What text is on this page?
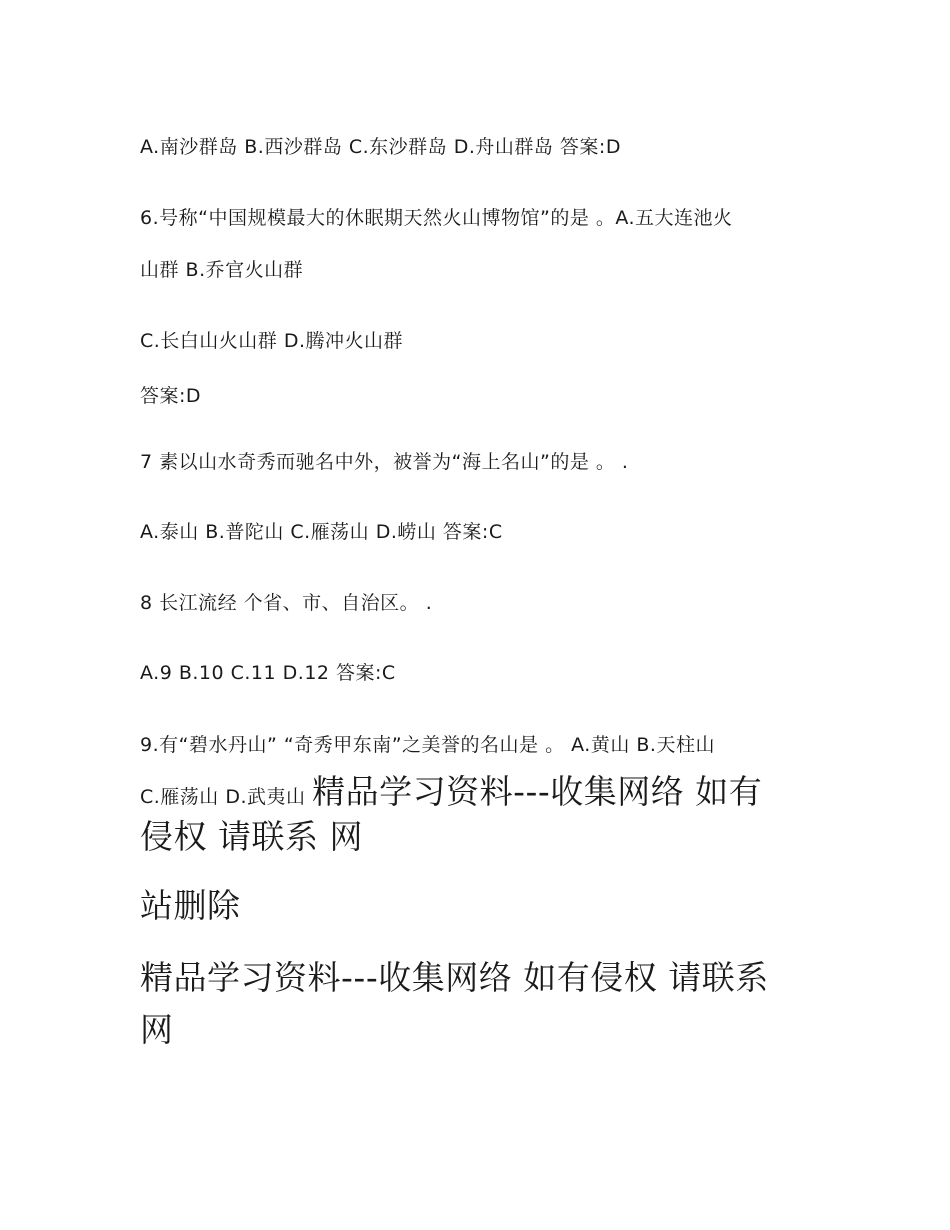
A.南沙群岛 B.西沙群岛 C.东沙群岛 D.舟山群岛 答案:D
6.号称“中国规模最大的休眠期天然火山博物馆”的是 。A.五大连池火
山群 B.乔官火山群
C.长白山火山群 D.腾冲火山群
答案:D
7 素以山水奇秀而驰名中外，被誉为“海上名山”的是 。 .
A.泰山 B.普陀山 C.雁荡山 D.崂山 答案:C
8 长江流经 个省、市、自治区。 .
A.9 B.10 C.11 D.12 答案:C
9.有“碧水丹山” “奇秀甲东南”之美誉的名山是 。 A.黄山 B.天柱山
C.雁荡山 D.武夷山 精品学习资料---收集网络 如有
侵权 请联系 网
站删除
精品学习资料---收集网络 如有侵权 请联系
网
